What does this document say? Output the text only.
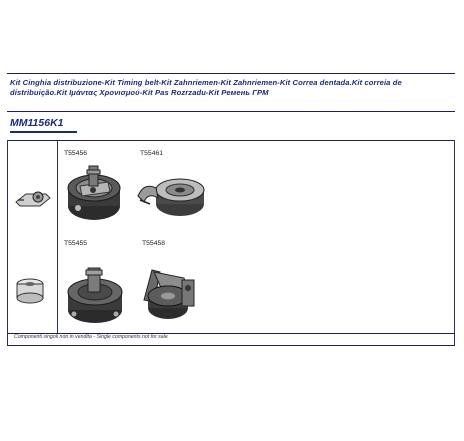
Kit Cinghia distribuzione-Kit Timing belt-Kit Zahnriemen-Kit Zahnriemen-Kit Correa dentada.Kit correia de distribuição.Kit Ιμάντας Χρονισμού-Kit Pas Rozrzadu-Kit Ремень ГРМ
MM1156K1
T55456	T55461
T55455	T55458
Componenti singoli non in vendita - Single components not for sale
